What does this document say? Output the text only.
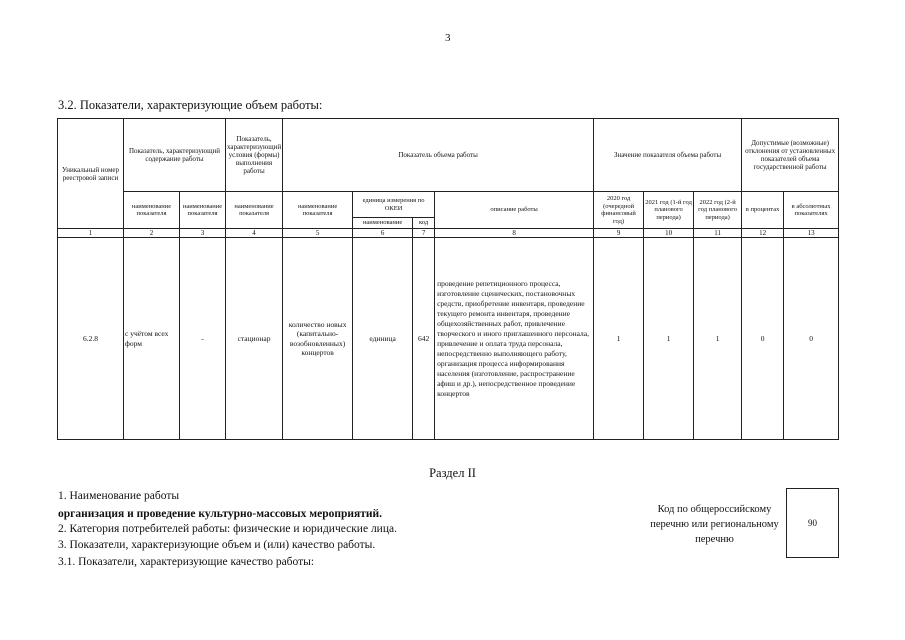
3
3.2. Показатели, характеризующие объем работы:
Уникальный номер реестровой записи	Показатель, характеризующий содержание работы		Показатель, характеризующий условия (формы) выполнения работы	Показатель объема работы				Значение показателя объема работы			Допустимые (возможные) отклонения от установленных показателей объема государственной работы	
	наименование показателя	наименование показателя	наименование показателя	наименование показателя	единица измерения по ОКЕИ		описание работы	2020 год (очередной финансовый год)	2021 год (1-й год планового периода)	2022 год (2-й год планового периода)	в процентах	в абсолютных показателях
					наименование	код						
1	2	3	4	5	6	7	8	9	10	11	12	13
6.2.8	с учётом всех форм	-	стационар	количество новых (капитально-возобновленных) концертов	единица	642	проведение репетиционного процесса, изготовление сценических, постановочных средств, приобретение инвентаря, проведение текущего ремонта инвентаря, проведение общехозяйственных работ, привлечение творческого и иного приглашенного персонала, привлечение и оплата труда персонала, непосредственно выполняющего работу, организация процесса информирования населения (изготовление, распространение афиш и др.), непосредственное проведение концертов	1	1	1	0	0
Раздел II
1. Наименование работы
организация и проведение культурно-массовых мероприятий.
2. Категория потребителей работы: физические и юридические лица.
3. Показатели, характеризующие объем и (или) качество работы.
3.1. Показатели, характеризующие качество работы:
Код по общероссийскому перечню или региональному перечню
90
